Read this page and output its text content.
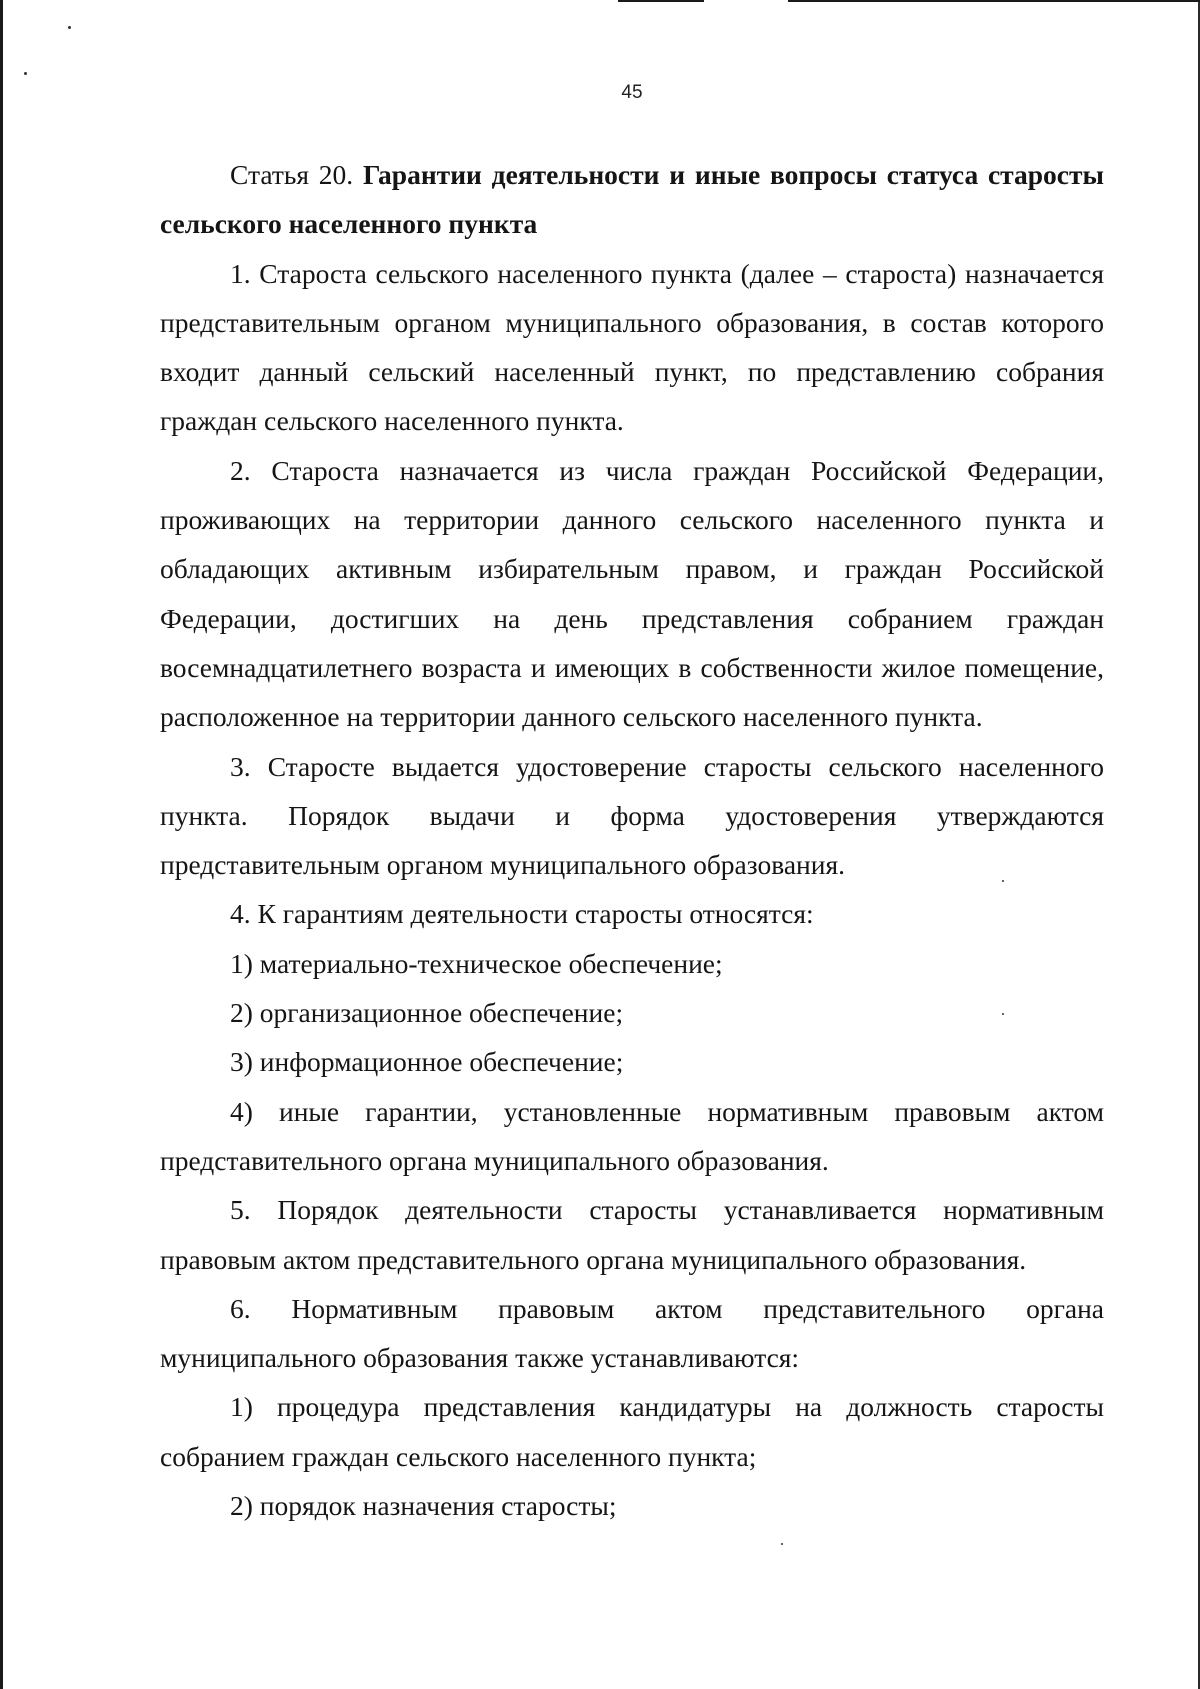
45

Статья 20. Гарантии деятельности и иные вопросы статуса старосты сельского населенного пункта

1. Староста сельского населенного пункта (далее – староста) назначается представительным органом муниципального образования, в состав которого входит данный сельский населенный пункт, по представлению собрания граждан сельского населенного пункта.

2. Староста назначается из числа граждан Российской Федерации, проживающих на территории данного сельского населенного пункта и обладающих активным избирательным правом, и граждан Российской Федерации, достигших на день представления собранием граждан восемнадцатилетнего возраста и имеющих в собственности жилое помещение, расположенное на территории данного сельского населенного пункта.

3. Старосте выдается удостоверение старосты сельского населенного пункта. Порядок выдачи и форма удостоверения утверждаются представительным органом муниципального образования.

4. К гарантиям деятельности старосты относятся:

1) материально-техническое обеспечение;

2) организационное обеспечение;

3) информационное обеспечение;

4) иные гарантии, установленные нормативным правовым актом представительного органа муниципального образования.

5. Порядок деятельности старосты устанавливается нормативным правовым актом представительного органа муниципального образования.

6. Нормативным правовым актом представительного органа муниципального образования также устанавливаются:

1) процедура представления кандидатуры на должность старосты собранием граждан сельского населенного пункта;

2) порядок назначения старосты;
